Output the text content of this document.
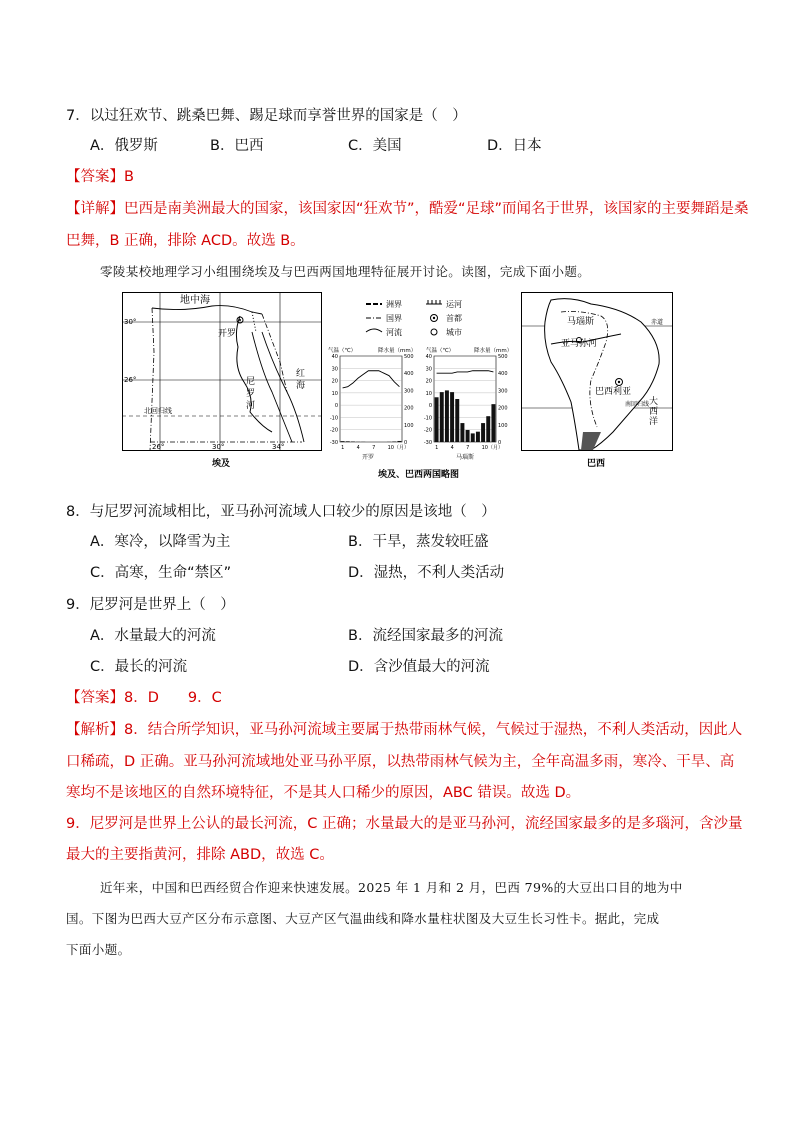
7．以过狂欢节、跳桑巴舞、踢足球而享誉世界的国家是（　）
A．俄罗斯	B．巴西	C．美国	D．日本
【答案】B
【详解】巴西是南美洲最大的国家，该国家因“狂欢节”，酷爱“足球”而闻名于世界，该国家的主要舞蹈是桑
巴舞，B 正确，排除 ACD。故选 B。
零陵某校地理学习小组围绕埃及与巴西两国地理特征展开讨论。读图，完成下面小题。
地中海
开罗
尼
罗
河
红
海
北回归线
30°
26°
26°	30°	34°
埃及
洲界
国界
河流
运河
首都
城市
气温（℃）	降水量（mm） 气温（℃）	降水量（mm）
40
30
20
10
0
-10
-20
-30
500
400
300
200
100
0
1 4 7 10（月）
40
30
20
10
0
-10
-20
-30
500
400
300
200
100
0
1 4 7 10（月）
开罗	马瑙斯
埃及、巴西两国略图
马瑙斯
亚马孙河
巴西利亚
大
西
洋
赤道
南回归线
巴西
8．与尼罗河流域相比，亚马孙河流域人口较少的原因是该地（　）
A．寒冷，以降雪为主	B．干旱，蒸发较旺盛
C．高寒，生命“禁区”	D．湿热，不利人类活动
9．尼罗河是世界上（　）
A．水量最大的河流	B．流经国家最多的河流
C．最长的河流	D．含沙值最大的河流
【答案】8．D　　9．C
【解析】8．结合所学知识，亚马孙河流域主要属于热带雨林气候，气候过于湿热，不利人类活动，因此人
口稀疏，D 正确。亚马孙河流域地处亚马孙平原，以热带雨林气候为主，全年高温多雨，寒冷、干旱、高
寒均不是该地区的自然环境特征，不是其人口稀少的原因，ABC 错误。故选 D。
9．尼罗河是世界上公认的最长河流，C 正确；水量最大的是亚马孙河，流经国家最多的是多瑙河，含沙量
最大的主要指黄河，排除 ABD，故选 C。
近年来，中国和巴西经贸合作迎来快速发展。2025 年 1 月和 2 月，巴西 79%的大豆出口目的地为中
国。下图为巴西大豆产区分布示意图、大豆产区气温曲线和降水量柱状图及大豆生长习性卡。据此，完成
下面小题。
